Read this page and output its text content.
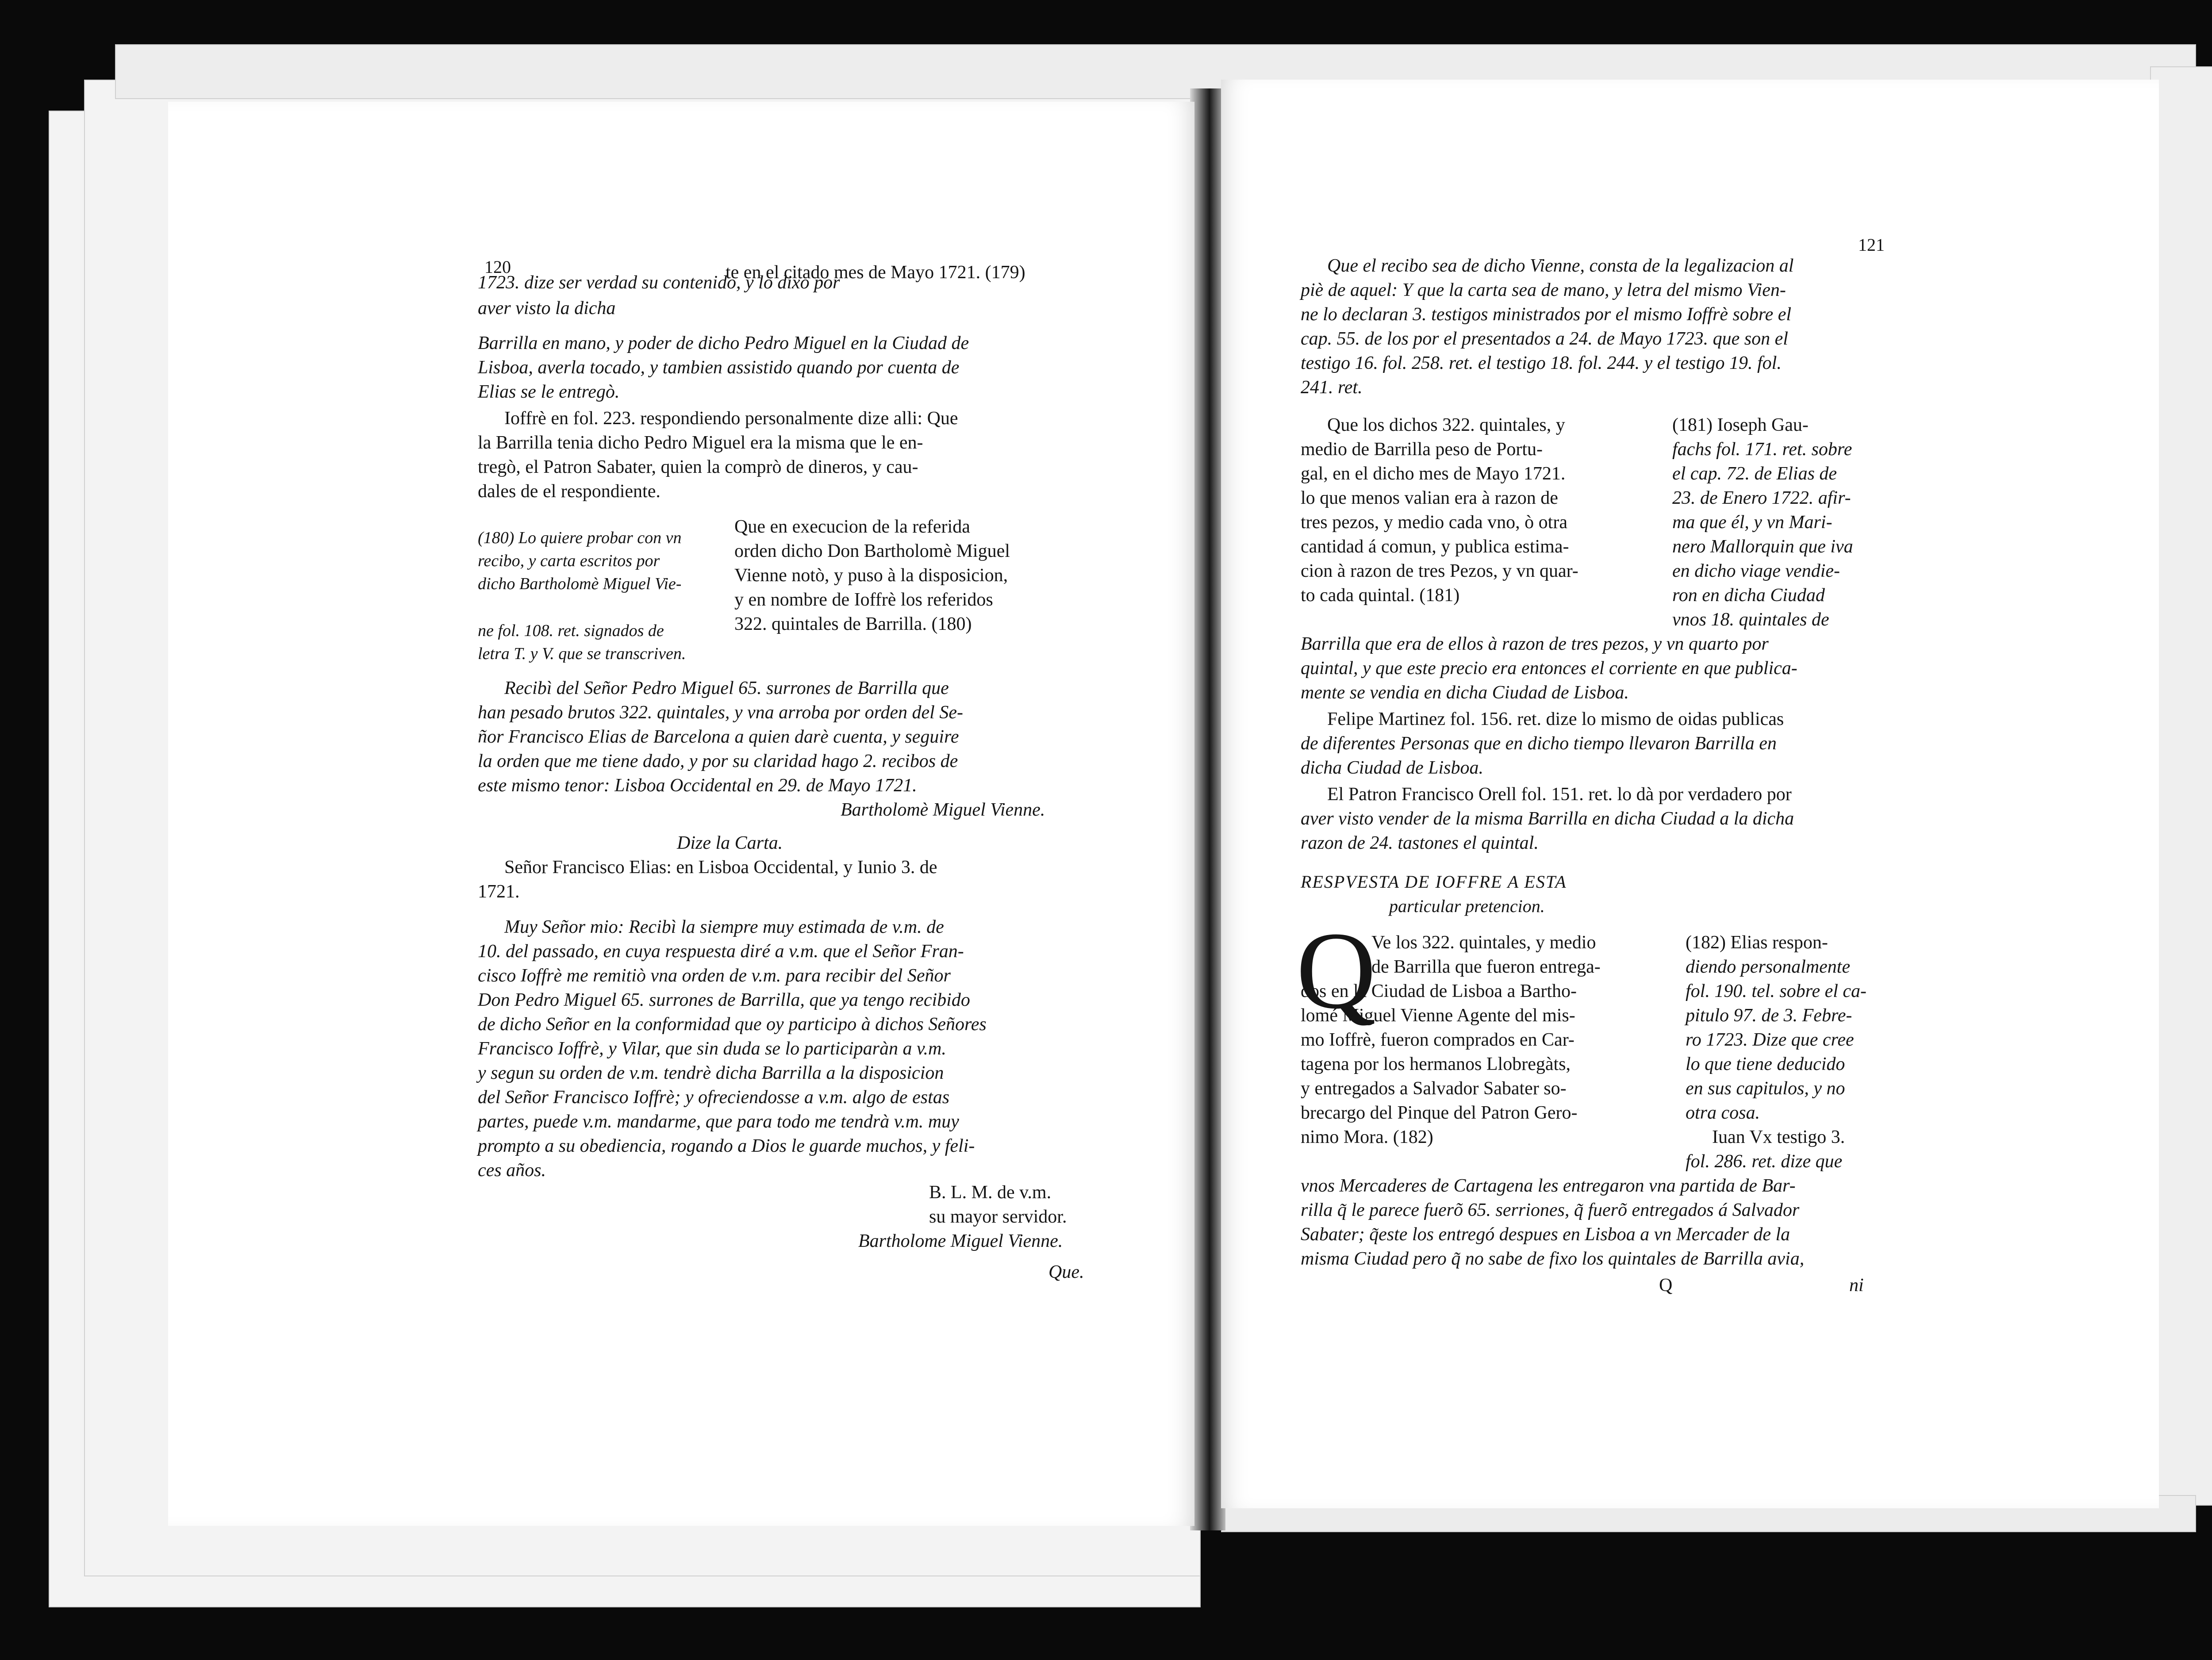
120
1723. dize ser verdad su contenido, y lo dixo por aver visto la dicha
te en el citado mes de Mayo 1721. (179)
Barrilla en mano, y poder de dicho Pedro Miguel en la Ciudad de
Lisboa, averla tocado, y tambien assistido quando por cuenta de
Elias se le entregò.
Ioffrè en fol. 223. respondiendo personalmente dize alli: Que
la Barrilla tenia dicho Pedro Miguel era la misma que le en-
tregò, el Patron Sabater, quien la comprò de dineros, y cau-
dales de el respondiente.
Que en execucion de la referida
orden dicho Don Bartholomè Miguel
Vienne notò, y puso à la disposicion,
y en nombre de Ioffrè los referidos
322. quintales de Barrilla. (180)
(180) Lo quiere probar con vn recibo, y carta escritos por dicho Bartholomè Miguel Vie-
ne fol. 108. ret. signados de letra T. y V. que se transcriven.
Recibì del Señor Pedro Miguel 65. surrones de Barrilla que
han pesado brutos 322. quintales, y vna arroba por orden del Se-
ñor Francisco Elias de Barcelona a quien darè cuenta, y seguire
la orden que me tiene dado, y por su claridad hago 2. recibos de
este mismo tenor: Lisboa Occidental en 29. de Mayo 1721.
Bartholomè Miguel Vienne.
Dize la Carta.
Señor Francisco Elias: en Lisboa Occidental, y Iunio 3. de
1721.
Muy Señor mio: Recibì la siempre muy estimada de v.m. de
10. del passado, en cuya respuesta diré a v.m. que el Señor Fran-
cisco Ioffrè me remitiò vna orden de v.m. para recibir del Señor
Don Pedro Miguel 65. surrones de Barrilla, que ya tengo recibido
de dicho Señor en la conformidad que oy participo à dichos Señores
Francisco Ioffrè, y Vilar, que sin duda se lo participaràn a v.m.
y segun su orden de v.m. tendrè dicha Barrilla a la disposicion
del Señor Francisco Ioffrè; y ofreciendosse a v.m. algo de estas
partes, puede v.m. mandarme, que para todo me tendrà v.m. muy
prompto a su obediencia, rogando a Dios le guarde muchos, y feli-
ces años.
B. L. M. de v.m.
su mayor servidor.
Bartholome Miguel Vienne.
Que.
121
Que el recibo sea de dicho Vienne, consta de la legalizacion al
piè de aquel: Y que la carta sea de mano, y letra del mismo Vien-
ne lo declaran 3. testigos ministrados por el mismo Ioffrè sobre el
cap. 55. de los por el presentados a 24. de Mayo 1723. que son el
testigo 16. fol. 258. ret. el testigo 18. fol. 244. y el testigo 19. fol.
241. ret.
Que los dichos 322. quintales, y
medio de Barrilla peso de Portu-
gal, en el dicho mes de Mayo 1721.
lo que menos valian era à razon de
tres pezos, y medio cada vno, ò otra
cantidad á comun, y publica estima-
cion à razon de tres Pezos, y vn quar-
to cada quintal. (181)
(181) Ioseph Gau-
fachs fol. 171. ret. sobre
el cap. 72. de Elias de
23. de Enero 1722. afir-
ma que él, y vn Mari-
nero Mallorquin que iva
en dicho viage vendie-
ron en dicha Ciudad
vnos 18. quintales de
Barrilla que era de ellos à razon de tres pezos, y vn quarto por
quintal, y que este precio era entonces el corriente en que publica-
mente se vendia en dicha Ciudad de Lisboa.
Felipe Martinez fol. 156. ret. dize lo mismo de oidas publicas
de diferentes Personas que en dicho tiempo llevaron Barrilla en
dicha Ciudad de Lisboa.
El Patron Francisco Orell fol. 151. ret. lo dà por verdadero por
aver visto vender de la misma Barrilla en dicha Ciudad a la dicha
razon de 24. tastones el quintal.
RESPVESTA DE IOFFRE A ESTA
particular pretencion.
Q
Ve los 322. quintales, y medio
de Barrilla que fueron entrega-
dos en la Ciudad de Lisboa a Bartho-
lomé Miguel Vienne Agente del mis-
mo Ioffrè, fueron comprados en Car-
tagena por los hermanos Llobregàts,
y entregados a Salvador Sabater so-
brecargo del Pinque del Patron Gero-
nimo Mora. (182)
(182) Elias respon-
diendo personalmente
fol. 190. tel. sobre el ca-
pitulo 97. de 3. Febre-
ro 1723. Dize que cree
lo que tiene deducido
en sus capitulos, y no
otra cosa.
Iuan Vx testigo 3.
fol. 286. ret. dize que
vnos Mercaderes de Cartagena les entregaron vna partida de Bar-
rilla q̃ le parece fuerõ 65. serriones, q̃ fuerõ entregados á Salvador
Sabater; q̃este los entregó despues en Lisboa a vn Mercader de la
misma Ciudad pero q̃ no sabe de fixo los quintales de Barrilla avia,
Q	ni
